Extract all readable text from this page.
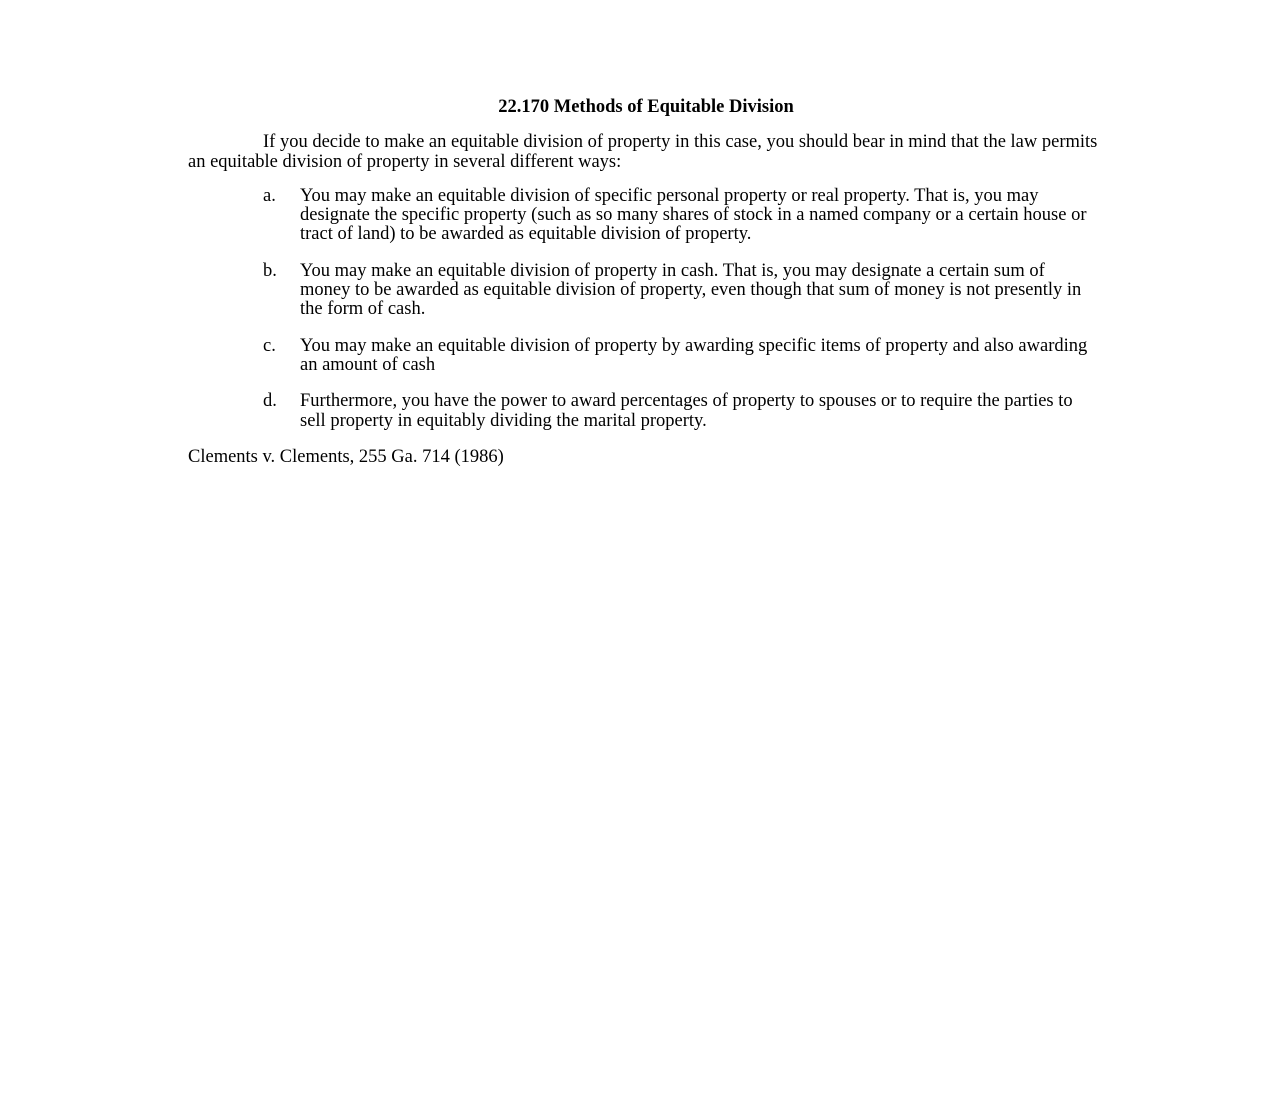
22.170 Methods of Equitable Division

If you decide to make an equitable division of property in this case, you should bear in mind that the law permits an equitable division of property in several different ways:

a. You may make an equitable division of specific personal property or real property. That is, you may designate the specific property (such as so many shares of stock in a named company or a certain house or tract of land) to be awarded as equitable division of property.
b. You may make an equitable division of property in cash. That is, you may designate a certain sum of money to be awarded as equitable division of property, even though that sum of money is not presently in the form of cash.
c. You may make an equitable division of property by awarding specific items of property and also awarding an amount of cash
d. Furthermore, you have the power to award percentages of property to spouses or to require the parties to sell property in equitably dividing the marital property.

Clements v. Clements, 255 Ga. 714 (1986)
